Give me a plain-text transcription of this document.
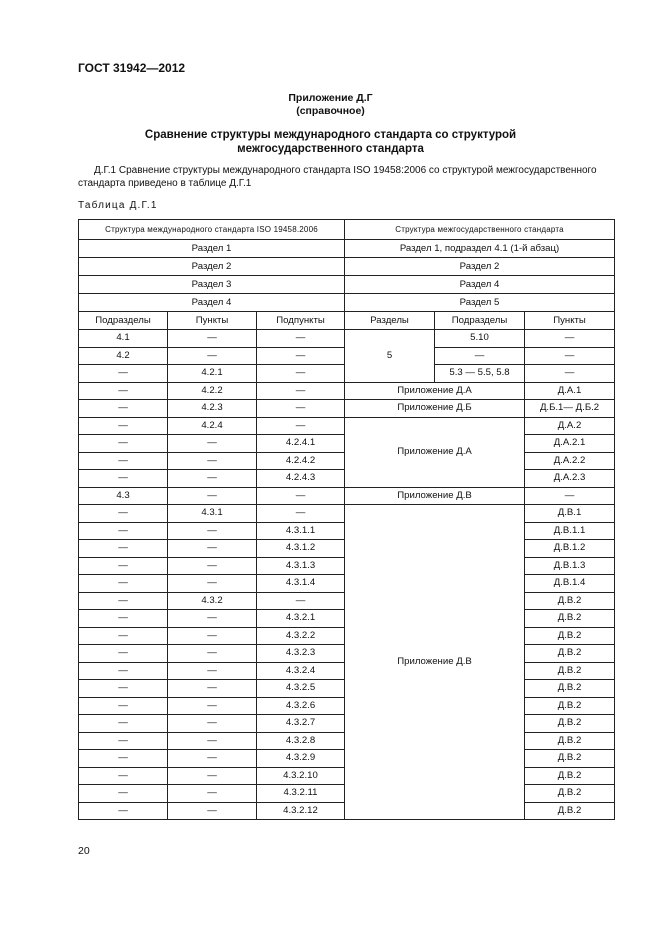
ГОСТ 31942—2012
Приложение Д.Г
(справочное)
Сравнение структуры международного стандарта со структурой
межгосударственного стандарта
Д.Г.1 Сравнение структуры международного стандарта ISO 19458:2006 со структурой межгосударственного
стандарта приведено в таблице Д.Г.1
Таблица Д.Г.1
Структура международного стандарта ISO 19458.2006			Структура межгосударственного стандарта		
Раздел 1			Раздел 1, подраздел 4.1 (1-й абзац)		
Раздел 2			Раздел 2		
Раздел 3			Раздел 4		
Раздел 4			Раздел 5		
Подразделы	Пункты	Подпункты	Разделы	Подразделы	Пункты
4.1	—	—	5	5.10	—
4.2	—	—		—	—
—	4.2.1	—		5.3 — 5.5, 5.8	—
—	4.2.2	—	Приложение Д.А		Д.А.1
—	4.2.3	—	Приложение Д.Б		Д.Б.1— Д.Б.2
—	4.2.4	—	Приложение Д.А		Д.А.2
—	—	4.2.4.1			Д.А.2.1
—	—	4.2.4.2			Д.А.2.2
—	—	4.2.4.3			Д.А.2.3
4.3	—	—	Приложение Д.В		—
—	4.3.1	—	Приложение Д.В		Д.В.1
—	—	4.3.1.1			Д.В.1.1
—	—	4.3.1.2			Д.В.1.2
—	—	4.3.1.3			Д.В.1.3
—	—	4.3.1.4			Д.В.1.4
—	4.3.2	—			Д.В.2
—	—	4.3.2.1			Д.В.2
—	—	4.3.2.2			Д.В.2
—	—	4.3.2.3			Д.В.2
—	—	4.3.2.4			Д.В.2
—	—	4.3.2.5			Д.В.2
—	—	4.3.2.6			Д.В.2
—	—	4.3.2.7			Д.В.2
—	—	4.3.2.8			Д.В.2
—	—	4.3.2.9			Д.В.2
—	—	4.3.2.10			Д.В.2
—	—	4.3.2.11			Д.В.2
—	—	4.3.2.12			Д.В.2
20
